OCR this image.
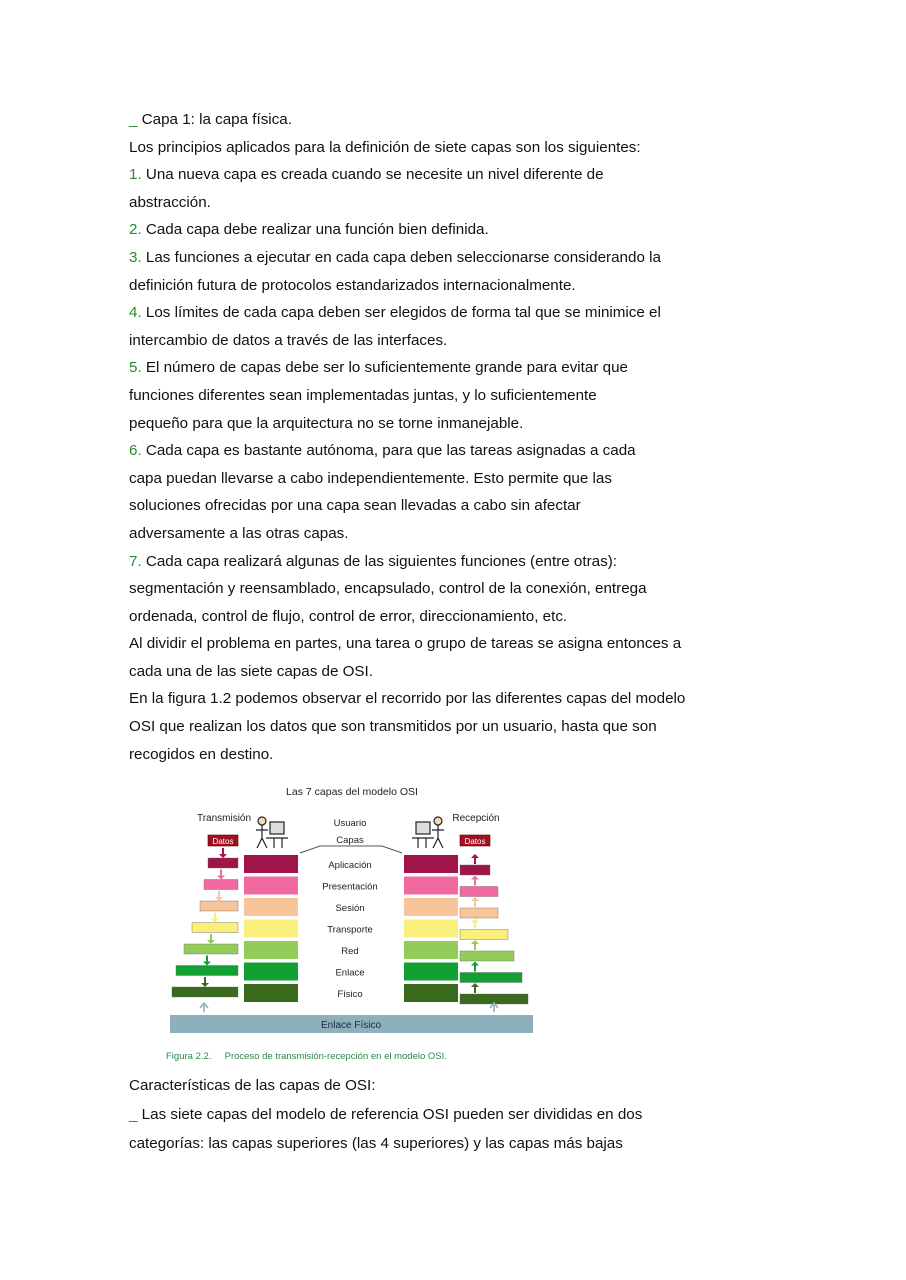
_ Capa 1: la capa física.
Los principios aplicados para la definición de siete capas son los siguientes:
1. Una nueva capa es creada cuando se necesite un nivel diferente de
abstracción.
2. Cada capa debe realizar una función bien definida.
3. Las funciones a ejecutar en cada capa deben seleccionarse considerando la
definición futura de protocolos estandarizados internacionalmente.
4. Los límites de cada capa deben ser elegidos de forma tal que se minimice el
intercambio de datos a través de las interfaces.
5. El número de capas debe ser lo suficientemente grande para evitar que
funciones diferentes sean implementadas juntas, y lo suficientemente
pequeño para que la arquitectura no se torne inmanejable.
6. Cada capa es bastante autónoma, para que las tareas asignadas a cada
capa puedan llevarse a cabo independientemente. Esto permite que las
soluciones ofrecidas por una capa sean llevadas a cabo sin afectar
adversamente a las otras capas.
7. Cada capa realizará algunas de las siguientes funciones (entre otras):
segmentación y reensamblado, encapsulado, control de la conexión, entrega
ordenada, control de flujo, control de error, direccionamiento, etc.
Al dividir el problema en partes, una tarea o grupo de tareas se asigna entonces a
cada una de las siete capas de OSI.
En la figura 1.2 podemos observar el recorrido por las diferentes capas del modelo
OSI que realizan los datos que son transmitidos por un usuario, hasta que son
recogidos en destino.
Las 7 capas del modelo OSI
Transmisión	Recepción
Usuario
Capas
Datos	Datos
Aplicación
Presentación
Sesión
Transporte
Red
Enlace
Físico
Enlace Físico
Figura 2.2.     Proceso de transmisión-recepción en el modelo OSI.
Características de las capas de OSI:
_ Las siete capas del modelo de referencia OSI pueden ser divididas en dos
categorías: las capas superiores (las 4 superiores) y las capas más bajas
